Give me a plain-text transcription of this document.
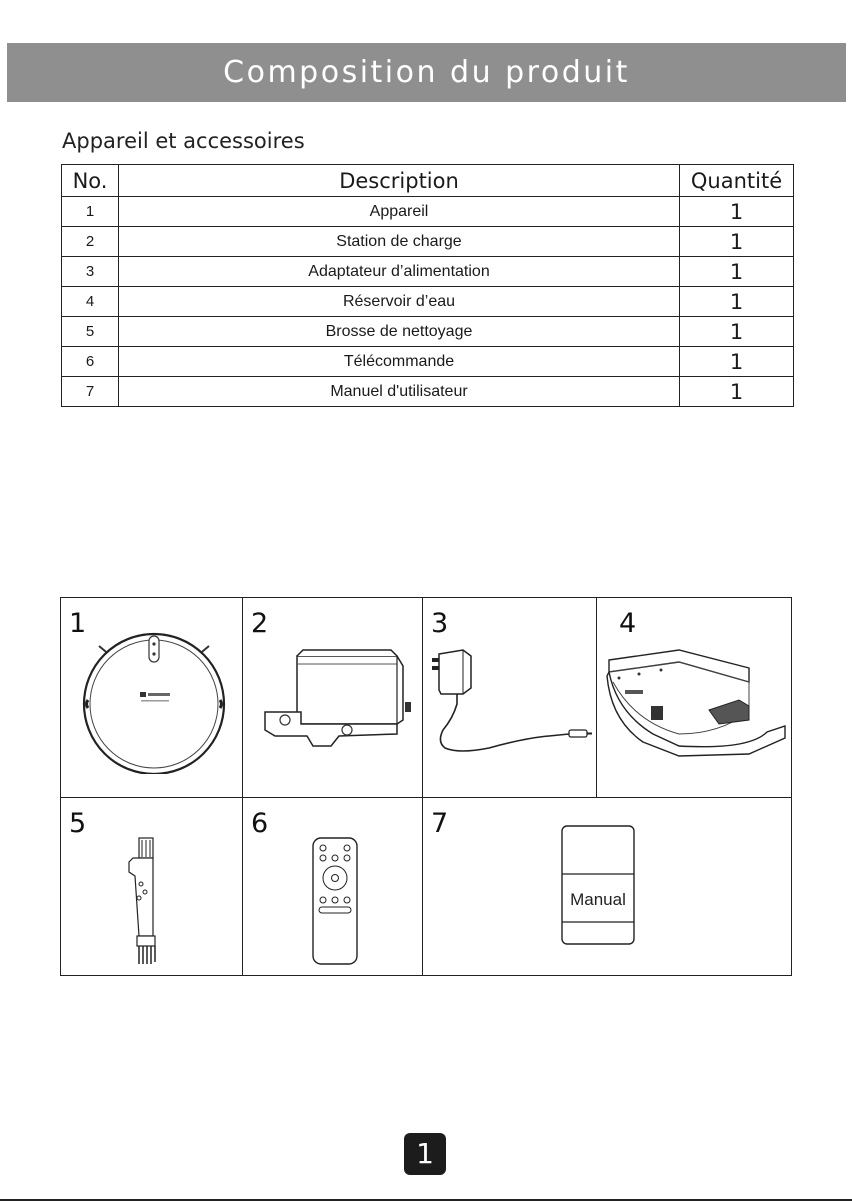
Composition du produit
Appareil et accessoires
No.	Description	Quantité
1	Appareil	1
2	Station de charge	1
3	Adaptateur d’alimentation	1
4	Réservoir d’eau	1
5	Brosse de nettoyage	1
6	Télécommande	1
7	Manuel d'utilisateur	1
1	2	3	4
5	6	7
Manual
1
